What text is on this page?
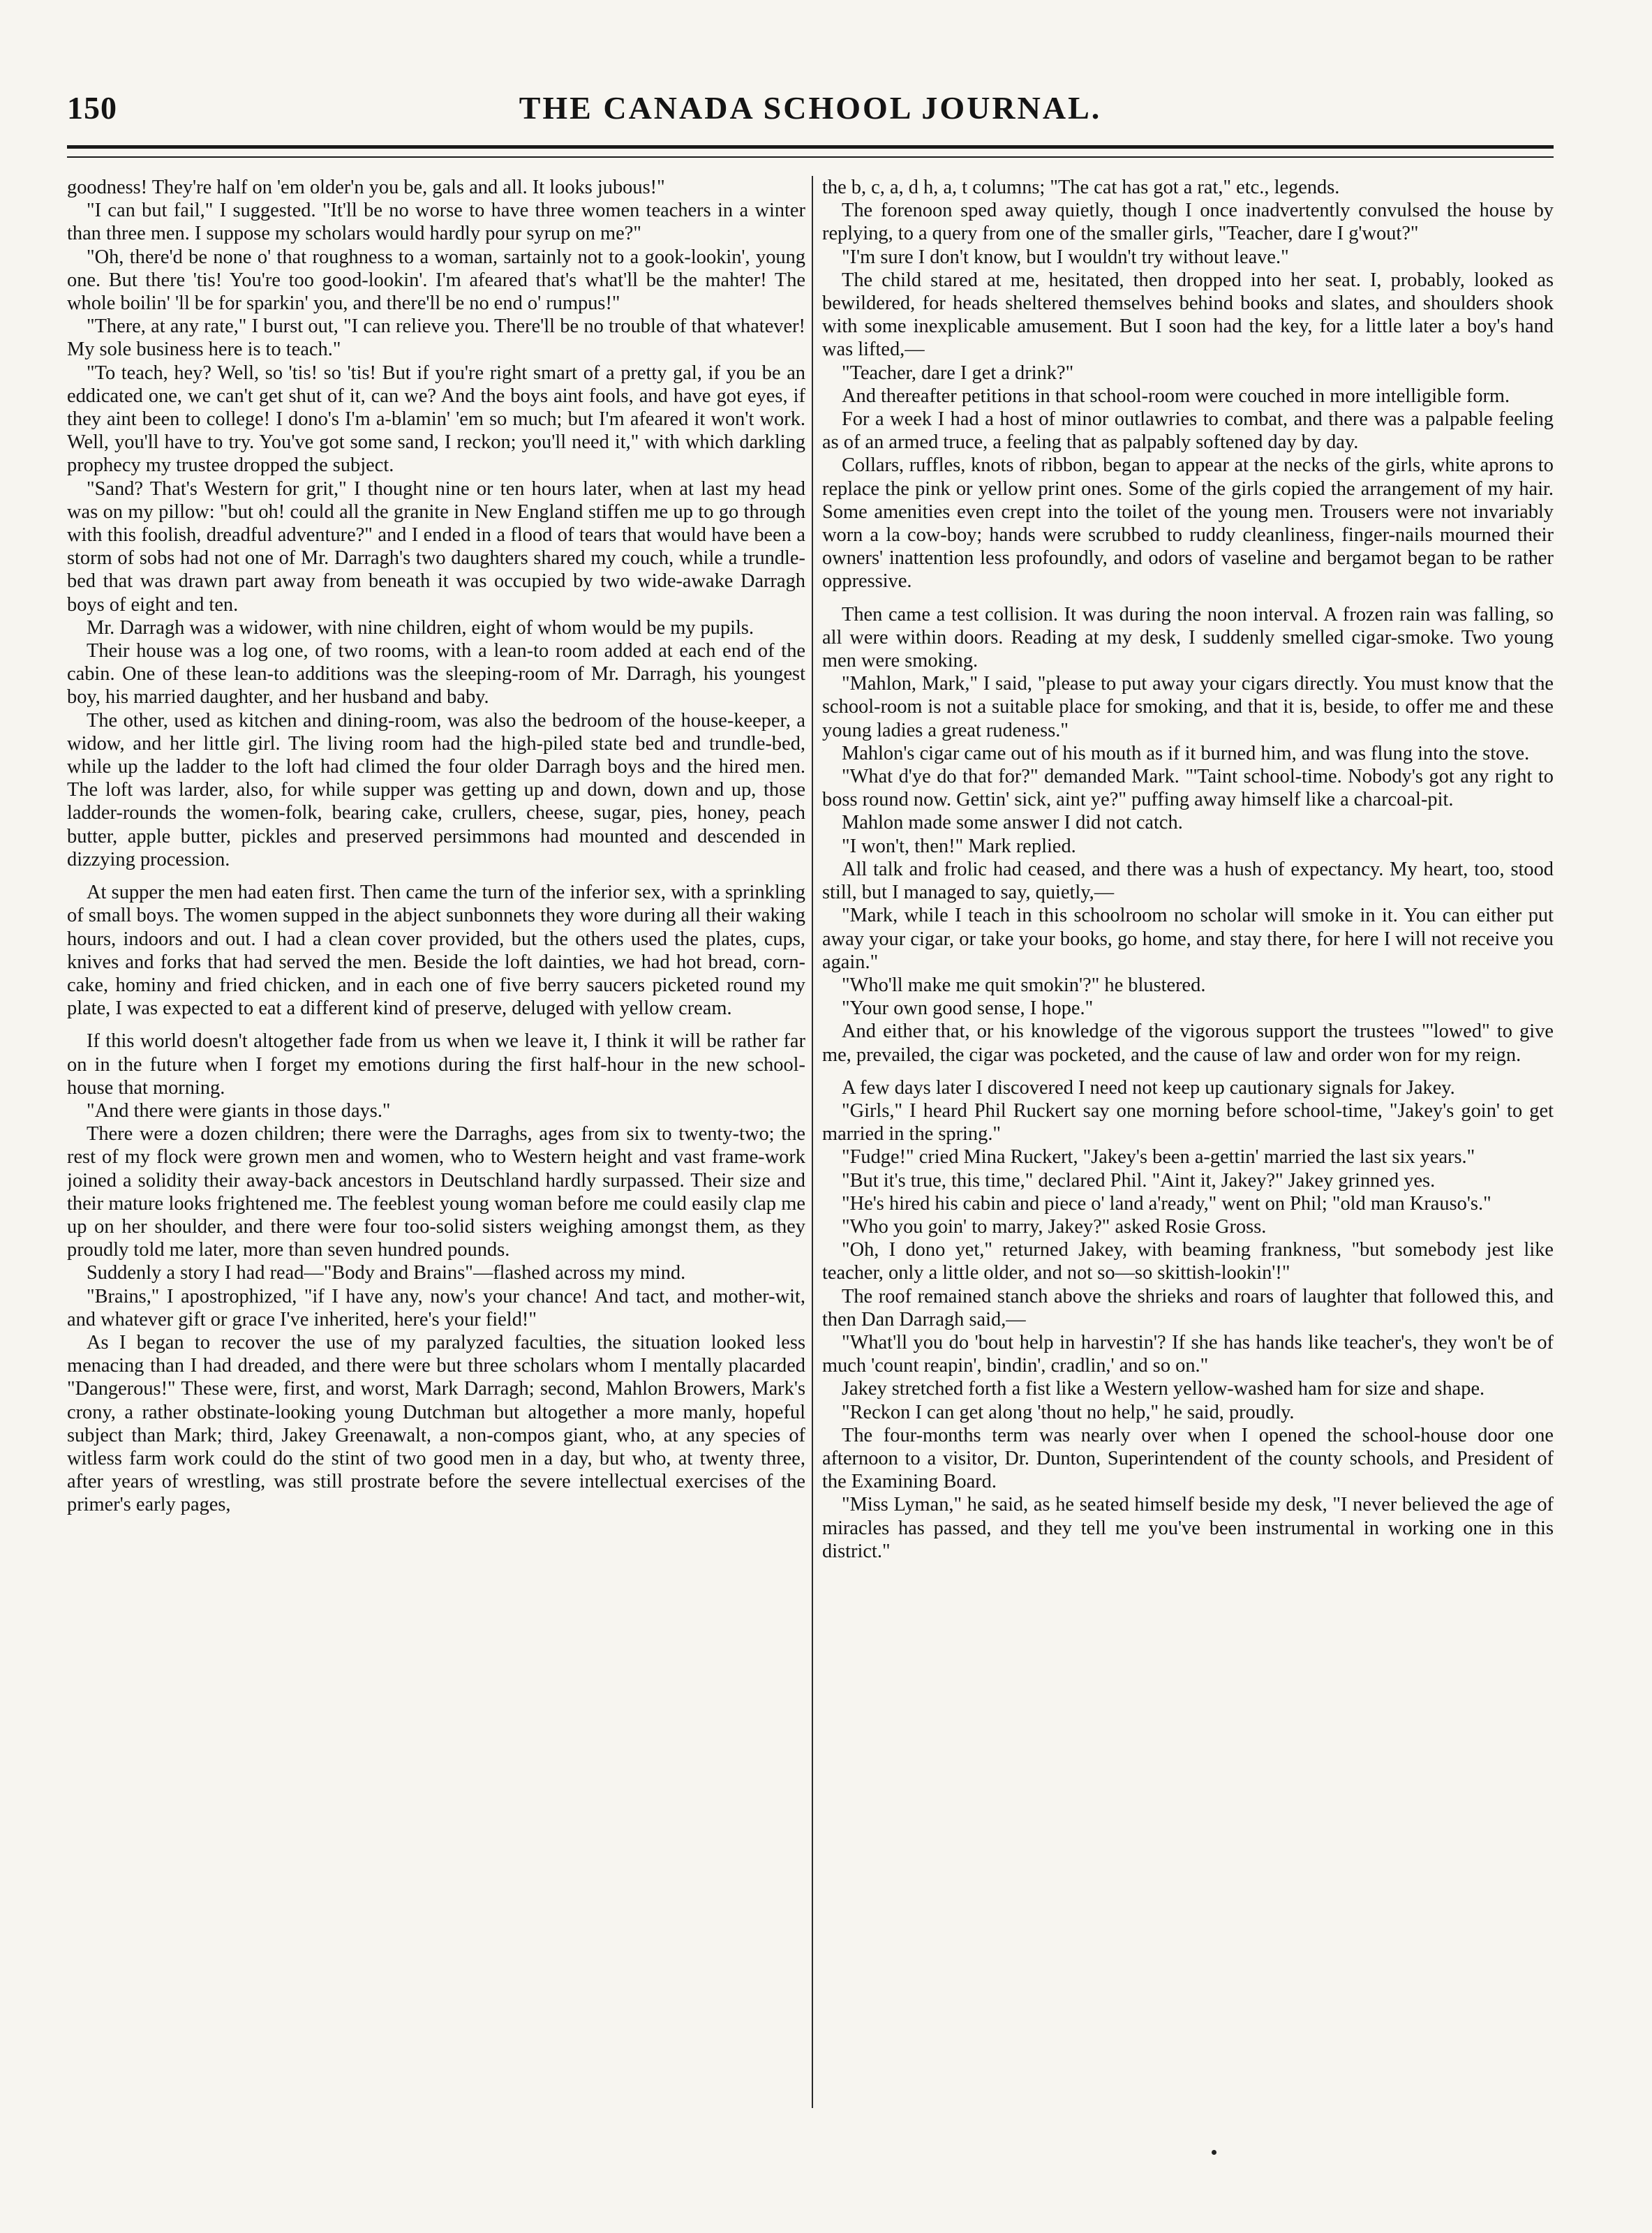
150	THE CANADA SCHOOL JOURNAL.

goodness! They're half on 'em older'n you be, gals and all. It looks jubous!"

"I can but fail," I suggested. "It'll be no worse to have three women teachers in a winter than three men. I suppose my scholars would hardly pour syrup on me?"

"Oh, there'd be none o' that roughness to a woman, sartainly not to a gook-lookin', young one. But there 'tis! You're too good-lookin'. I'm afeared that's what'll be the mahter! The whole boilin' 'll be for sparkin' you, and there'll be no end o' rumpus!"

"There, at any rate," I burst out, "I can relieve you. There'll be no trouble of that whatever! My sole business here is to teach."

"To teach, hey? Well, so 'tis! so 'tis! But if you're right smart of a pretty gal, if you be an eddicated one, we can't get shut of it, can we? And the boys aint fools, and have got eyes, if they aint been to college! I dono's I'm a-blamin' 'em so much; but I'm afeared it won't work. Well, you'll have to try. You've got some sand, I reckon; you'll need it," with which darkling prophecy my trustee dropped the subject.

"Sand? That's Western for grit," I thought nine or ten hours later, when at last my head was on my pillow: "but oh! could all the granite in New England stiffen me up to go through with this foolish, dreadful adventure?" and I ended in a flood of tears that would have been a storm of sobs had not one of Mr. Darragh's two daughters shared my couch, while a trundle-bed that was drawn part away from beneath it was occupied by two wide-awake Darragh boys of eight and ten.

Mr. Darragh was a widower, with nine children, eight of whom would be my pupils.

Their house was a log one, of two rooms, with a lean-to room added at each end of the cabin. One of these lean-to additions was the sleeping-room of Mr. Darragh, his youngest boy, his married daughter, and her husband and baby.

The other, used as kitchen and dining-room, was also the bedroom of the house-keeper, a widow, and her little girl. The living room had the high-piled state bed and trundle-bed, while up the ladder to the loft had climed the four older Darragh boys and the hired men. The loft was larder, also, for while supper was getting up and down, down and up, those ladder-rounds the women-folk, bearing cake, crullers, cheese, sugar, pies, honey, peach butter, apple butter, pickles and preserved persimmons had mounted and descended in dizzying procession.

At supper the men had eaten first. Then came the turn of the inferior sex, with a sprinkling of small boys. The women supped in the abject sunbonnets they wore during all their waking hours, indoors and out. I had a clean cover provided, but the others used the plates, cups, knives and forks that had served the men. Beside the loft dainties, we had hot bread, corn-cake, hominy and fried chicken, and in each one of five berry saucers picketed round my plate, I was expected to eat a different kind of preserve, deluged with yellow cream.

If this world doesn't altogether fade from us when we leave it, I think it will be rather far on in the future when I forget my emotions during the first half-hour in the new school-house that morning.

"And there were giants in those days."

There were a dozen children; there were the Darraghs, ages from six to twenty-two; the rest of my flock were grown men and women, who to Western height and vast frame-work joined a solidity their away-back ancestors in Deutschland hardly surpassed. Their size and their mature looks frightened me. The feeblest young woman before me could easily clap me up on her shoulder, and there were four too-solid sisters weighing amongst them, as they proudly told me later, more than seven hundred pounds.

Suddenly a story I had read—"Body and Brains"—flashed across my mind.

"Brains," I apostrophized, "if I have any, now's your chance! And tact, and mother-wit, and whatever gift or grace I've inherited, here's your field!"

As I began to recover the use of my paralyzed faculties, the situation looked less menacing than I had dreaded, and there were but three scholars whom I mentally placarded "Dangerous!" These were, first, and worst, Mark Darragh; second, Mahlon Browers, Mark's crony, a rather obstinate-looking young Dutchman but altogether a more manly, hopeful subject than Mark; third, Jakey Greenawalt, a non-compos giant, who, at any species of witless farm work could do the stint of two good men in a day, but who, at twenty three, after years of wrestling, was still prostrate before the severe intellectual exercises of the primer's early pages,

the b, c, a, d h, a, t columns; "The cat has got a rat," etc., legends.

The forenoon sped away quietly, though I once inadvertently convulsed the house by replying, to a query from one of the smaller girls, "Teacher, dare I g'wout?"

"I'm sure I don't know, but I wouldn't try without leave."

The child stared at me, hesitated, then dropped into her seat. I, probably, looked as bewildered, for heads sheltered themselves behind books and slates, and shoulders shook with some inexplicable amusement. But I soon had the key, for a little later a boy's hand was lifted,—

"Teacher, dare I get a drink?"

And thereafter petitions in that school-room were couched in more intelligible form.

For a week I had a host of minor outlawries to combat, and there was a palpable feeling as of an armed truce, a feeling that as palpably softened day by day.

Collars, ruffles, knots of ribbon, began to appear at the necks of the girls, white aprons to replace the pink or yellow print ones. Some of the girls copied the arrangement of my hair. Some amenities even crept into the toilet of the young men. Trousers were not invariably worn a la cow-boy; hands were scrubbed to ruddy cleanliness, finger-nails mourned their owners' inattention less profoundly, and odors of vaseline and bergamot began to be rather oppressive.

Then came a test collision. It was during the noon interval. A frozen rain was falling, so all were within doors. Reading at my desk, I suddenly smelled cigar-smoke. Two young men were smoking.

"Mahlon, Mark," I said, "please to put away your cigars directly. You must know that the school-room is not a suitable place for smoking, and that it is, beside, to offer me and these young ladies a great rudeness."

Mahlon's cigar came out of his mouth as if it burned him, and was flung into the stove.

"What d'ye do that for?" demanded Mark. "'Taint school-time. Nobody's got any right to boss round now. Gettin' sick, aint ye?" puffing away himself like a charcoal-pit.

Mahlon made some answer I did not catch.

"I won't, then!" Mark replied.

All talk and frolic had ceased, and there was a hush of expectancy. My heart, too, stood still, but I managed to say, quietly,—

"Mark, while I teach in this schoolroom no scholar will smoke in it. You can either put away your cigar, or take your books, go home, and stay there, for here I will not receive you again."

"Who'll make me quit smokin'?" he blustered.

"Your own good sense, I hope."

And either that, or his knowledge of the vigorous support the trustees "'lowed" to give me, prevailed, the cigar was pocketed, and the cause of law and order won for my reign.

A few days later I discovered I need not keep up cautionary signals for Jakey.

"Girls," I heard Phil Ruckert say one morning before school-time, "Jakey's goin' to get married in the spring."

"Fudge!" cried Mina Ruckert, "Jakey's been a-gettin' married the last six years."

"But it's true, this time," declared Phil. "Aint it, Jakey?" Jakey grinned yes.

"He's hired his cabin and piece o' land a'ready," went on Phil; "old man Krauso's."

"Who you goin' to marry, Jakey?" asked Rosie Gross.

"Oh, I dono yet," returned Jakey, with beaming frankness, "but somebody jest like teacher, only a little older, and not so—so skittish-lookin'!"

The roof remained stanch above the shrieks and roars of laughter that followed this, and then Dan Darragh said,—

"What'll you do 'bout help in harvestin'? If she has hands like teacher's, they won't be of much 'count reapin', bindin', cradlin,' and so on."

Jakey stretched forth a fist like a Western yellow-washed ham for size and shape.

"Reckon I can get along 'thout no help," he said, proudly.

The four-months term was nearly over when I opened the school-house door one afternoon to a visitor, Dr. Dunton, Superintendent of the county schools, and President of the Examining Board.

"Miss Lyman," he said, as he seated himself beside my desk, "I never believed the age of miracles has passed, and they tell me you've been instrumental in working one in this district."
